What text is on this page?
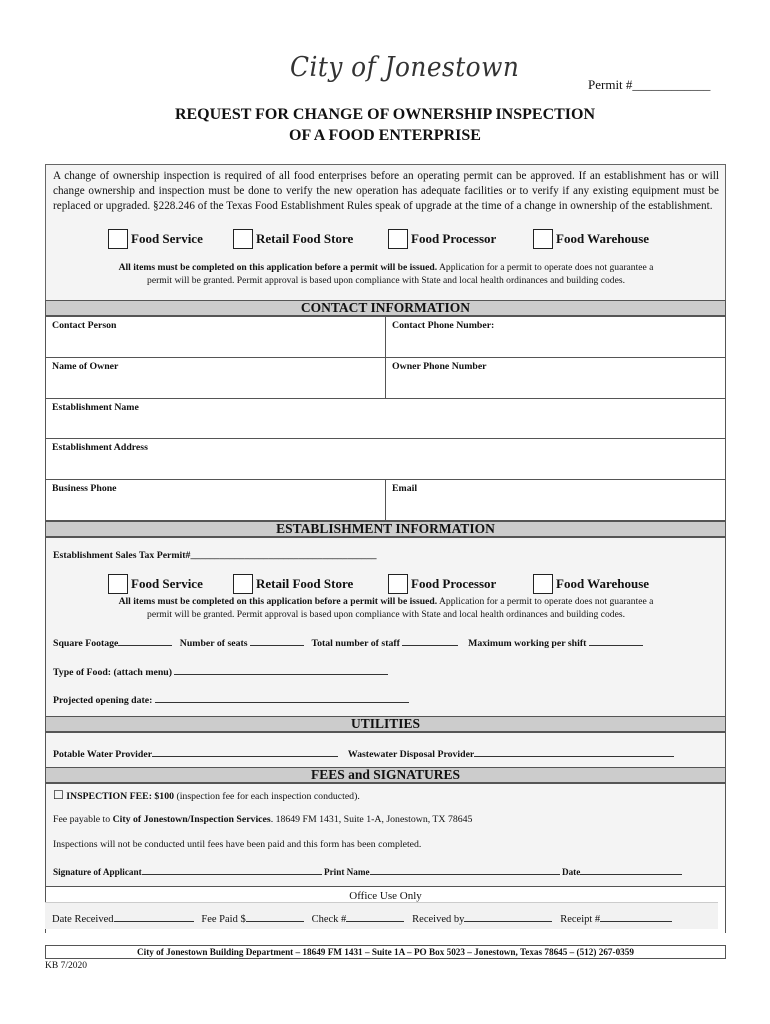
City of Jonestown
Permit #____________
REQUEST FOR CHANGE OF OWNERSHIP INSPECTION
OF A FOOD ENTERPRISE
A change of ownership inspection is required of all food enterprises before an operating permit can be approved. If an establishment has or will change ownership and inspection must be done to verify the new operation has adequate facilities or to verify if any existing equipment must be replaced or upgraded. §228.246 of the Texas Food Establishment Rules speak of upgrade at the time of a change in ownership of the establishment.
Food Service	Retail Food Store	Food Processor	Food Warehouse
All items must be completed on this application before a permit will be issued. Application for a permit to operate does not guarantee a
permit will be granted. Permit approval is based upon compliance with State and local health ordinances and building codes.
CONTACT INFORMATION
Contact Person	Contact Phone Number:
Name of Owner	Owner Phone Number
Establishment Name
Establishment Address
Business Phone	Email
ESTABLISHMENT INFORMATION
Establishment Sales Tax Permit#______________________________________
Food Service	Retail Food Store	Food Processor	Food Warehouse
All items must be completed on this application before a permit will be issued. Application for a permit to operate does not guarantee a
permit will be granted. Permit approval is based upon compliance with State and local health ordinances and building codes.
Square Footage	Number of seats	Total number of staff	Maximum working per shift
Type of Food: (attach menu)
Projected opening date:
UTILITIES
Potable Water Provider	Wastewater Disposal Provider
FEES and SIGNATURES
☐ INSPECTION FEE: $100 (inspection fee for each inspection conducted).
Fee payable to City of Jonestown/Inspection Services. 18649 FM 1431, Suite 1-A, Jonestown, TX 78645
Inspections will not be conducted until fees have been paid and this form has been completed.
Signature of Applicant	Print Name	Date
Office Use Only
Date Received	Fee Paid $	Check #	Received by	Receipt #
City of Jonestown Building Department – 18649 FM 1431 – Suite 1A – PO Box 5023 – Jonestown, Texas 78645 – (512) 267-0359
KB 7/2020
